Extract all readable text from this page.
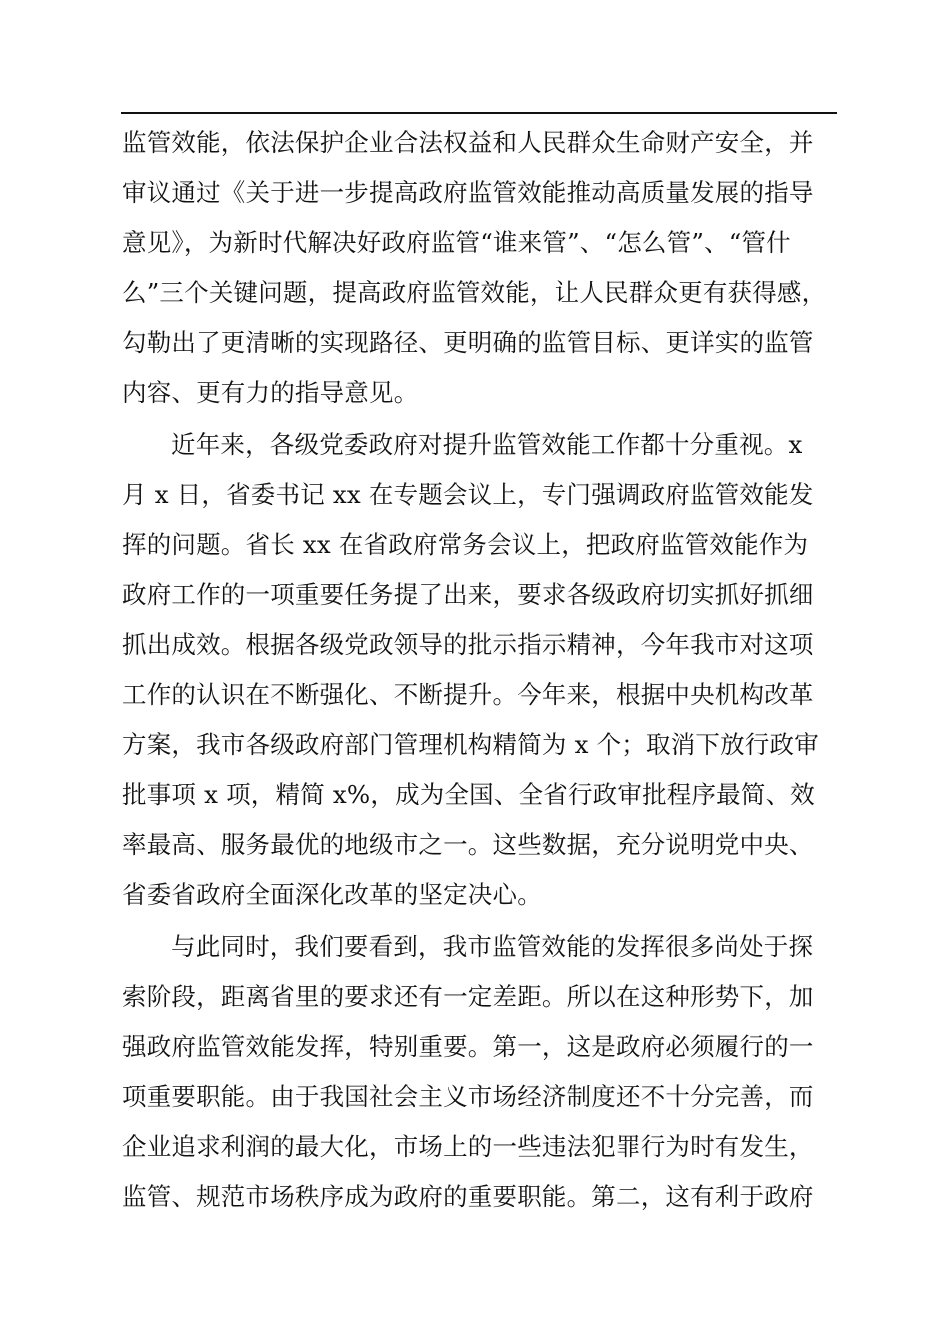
监管效能，依法保护企业合法权益和人民群众生命财产安全，并
审议通过《关于进一步提高政府监管效能推动高质量发展的指导
意见》，为新时代解决好政府监管“谁来管”、“怎么管”、“管什
么”三个关键问题，提高政府监管效能，让人民群众更有获得感，
勾勒出了更清晰的实现路径、更明确的监管目标、更详实的监管
内容、更有力的指导意见。
近年来，各级党委政府对提升监管效能工作都十分重视。x
月 x 日，省委书记 xx 在专题会议上，专门强调政府监管效能发
挥的问题。省长 xx 在省政府常务会议上，把政府监管效能作为
政府工作的一项重要任务提了出来，要求各级政府切实抓好抓细
抓出成效。根据各级党政领导的批示指示精神，今年我市对这项
工作的认识在不断强化、不断提升。今年来，根据中央机构改革
方案，我市各级政府部门管理机构精简为 x 个；取消下放行政审
批事项 x 项，精简 x%，成为全国、全省行政审批程序最简、效
率最高、服务最优的地级市之一。这些数据，充分说明党中央、
省委省政府全面深化改革的坚定决心。
与此同时，我们要看到，我市监管效能的发挥很多尚处于探
索阶段，距离省里的要求还有一定差距。所以在这种形势下，加
强政府监管效能发挥，特别重要。第一，这是政府必须履行的一
项重要职能。由于我国社会主义市场经济制度还不十分完善，而
企业追求利润的最大化，市场上的一些违法犯罪行为时有发生，
监管、规范市场秩序成为政府的重要职能。第二，这有利于政府
